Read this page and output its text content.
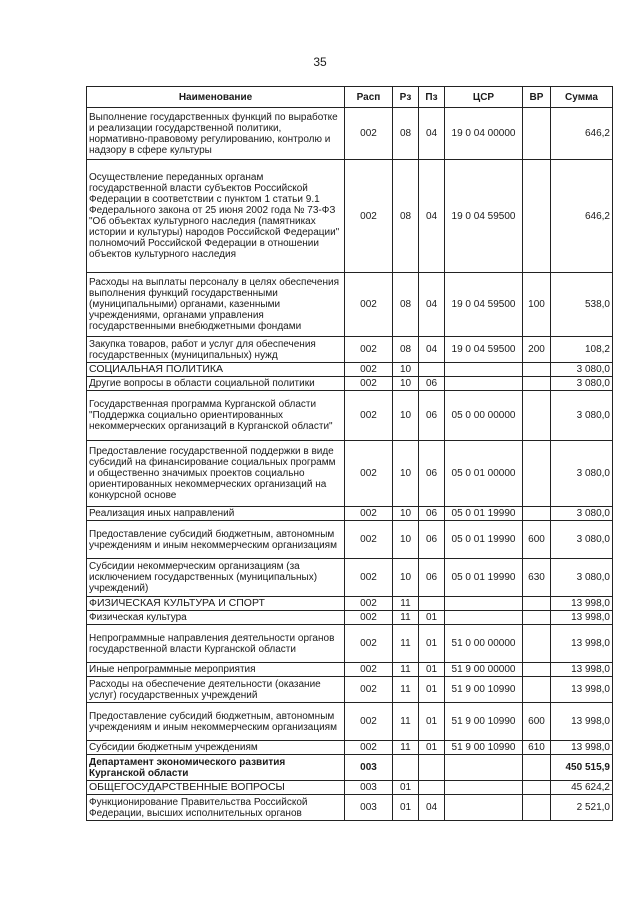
35
Наименование	Расп	Рз	Пз	ЦСР	ВР	Сумма
Выполнение государственных функций по выработке и реализации государственной политики, нормативно-правовому регулированию, контролю и надзору в сфере культуры	002	08	04	19 0 04 00000		646,2
Осуществление переданных органам государственной власти субъектов Российской Федерации в соответствии с пунктом 1 статьи 9.1 Федерального закона от 25 июня 2002 года № 73-ФЗ "Об объектах культурного наследия (памятниках истории и культуры) народов Российской Федерации" полномочий Российской Федерации в отношении объектов культурного наследия	002	08	04	19 0 04 59500		646,2
Расходы на выплаты персоналу в целях обеспечения выполнения функций государственными (муниципальными) органами, казенными учреждениями, органами управления государственными внебюджетными фондами	002	08	04	19 0 04 59500	100	538,0
Закупка товаров, работ и услуг для обеспечения государственных (муниципальных) нужд	002	08	04	19 0 04 59500	200	108,2
СОЦИАЛЬНАЯ ПОЛИТИКА	002	10				3 080,0
Другие вопросы в области социальной политики	002	10	06			3 080,0
Государственная программа Курганской области "Поддержка социально ориентированных некоммерческих организаций в Курганской области"	002	10	06	05 0 00 00000		3 080,0
Предоставление государственной поддержки в виде субсидий на финансирование социальных программ и общественно значимых проектов социально ориентированных некоммерческих организаций на конкурсной основе	002	10	06	05 0 01 00000		3 080,0
Реализация иных направлений	002	10	06	05 0 01 19990		3 080,0
Предоставление субсидий бюджетным, автономным учреждениям и иным некоммерческим организациям	002	10	06	05 0 01 19990	600	3 080,0
Субсидии некоммерческим организациям (за исключением государственных (муниципальных) учреждений)	002	10	06	05 0 01 19990	630	3 080,0
ФИЗИЧЕСКАЯ КУЛЬТУРА И СПОРТ	002	11				13 998,0
Физическая культура	002	11	01			13 998,0
Непрограммные направления деятельности органов государственной власти Курганской области	002	11	01	51 0 00 00000		13 998,0
Иные непрограммные мероприятия	002	11	01	51 9 00 00000		13 998,0
Расходы на обеспечение деятельности (оказание услуг) государственных учреждений	002	11	01	51 9 00 10990		13 998,0
Предоставление субсидий бюджетным, автономным учреждениям и иным некоммерческим организациям	002	11	01	51 9 00 10990	600	13 998,0
Субсидии бюджетным учреждениям	002	11	01	51 9 00 10990	610	13 998,0
Департамент экономического развития Курганской области	003					450 515,9
ОБЩЕГОСУДАРСТВЕННЫЕ ВОПРОСЫ	003	01				45 624,2
Функционирование Правительства Российской Федерации, высших исполнительных органов	003	01	04			2 521,0
